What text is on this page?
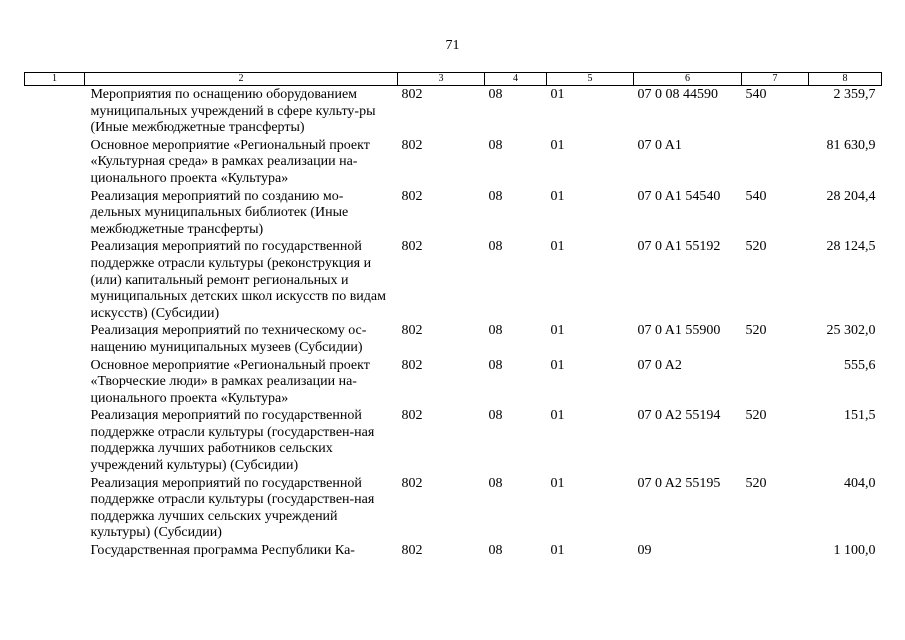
71
1	2	3	4	5	6	7	8
	Мероприятия по оснащению оборудованием муниципальных учреждений в сфере культу-ры (Иные межбюджетные трансферты)	802	08	01	07 0 08 44590	540	2 359,7
	Основное мероприятие «Региональный проект «Культурная среда» в рамках реализации на-ционального проекта «Культура»	802	08	01	07 0 A1		81 630,9
	Реализация мероприятий по созданию мо-дельных муниципальных библиотек (Иные межбюджетные трансферты)	802	08	01	07 0 A1 54540	540	28 204,4
	Реализация мероприятий по государственной поддержке отрасли культуры (реконструкция и (или) капитальный ремонт региональных и муниципальных детских школ искусств по видам искусств) (Субсидии)	802	08	01	07 0 A1 55192	520	28 124,5
	Реализация мероприятий по техническому ос-нащению муниципальных музеев (Субсидии)	802	08	01	07 0 A1 55900	520	25 302,0
	Основное мероприятие «Региональный проект «Творческие люди» в рамках реализации на-ционального проекта «Культура»	802	08	01	07 0 A2		555,6
	Реализация мероприятий по государственной поддержке отрасли культуры (государствен-ная поддержка лучших работников сельских учреждений культуры) (Субсидии)	802	08	01	07 0 A2 55194	520	151,5
	Реализация мероприятий по государственной поддержке отрасли культуры (государствен-ная поддержка лучших сельских учреждений культуры) (Субсидии)	802	08	01	07 0 A2 55195	520	404,0
	Государственная программа Республики Ка-	802	08	01	09		1 100,0
